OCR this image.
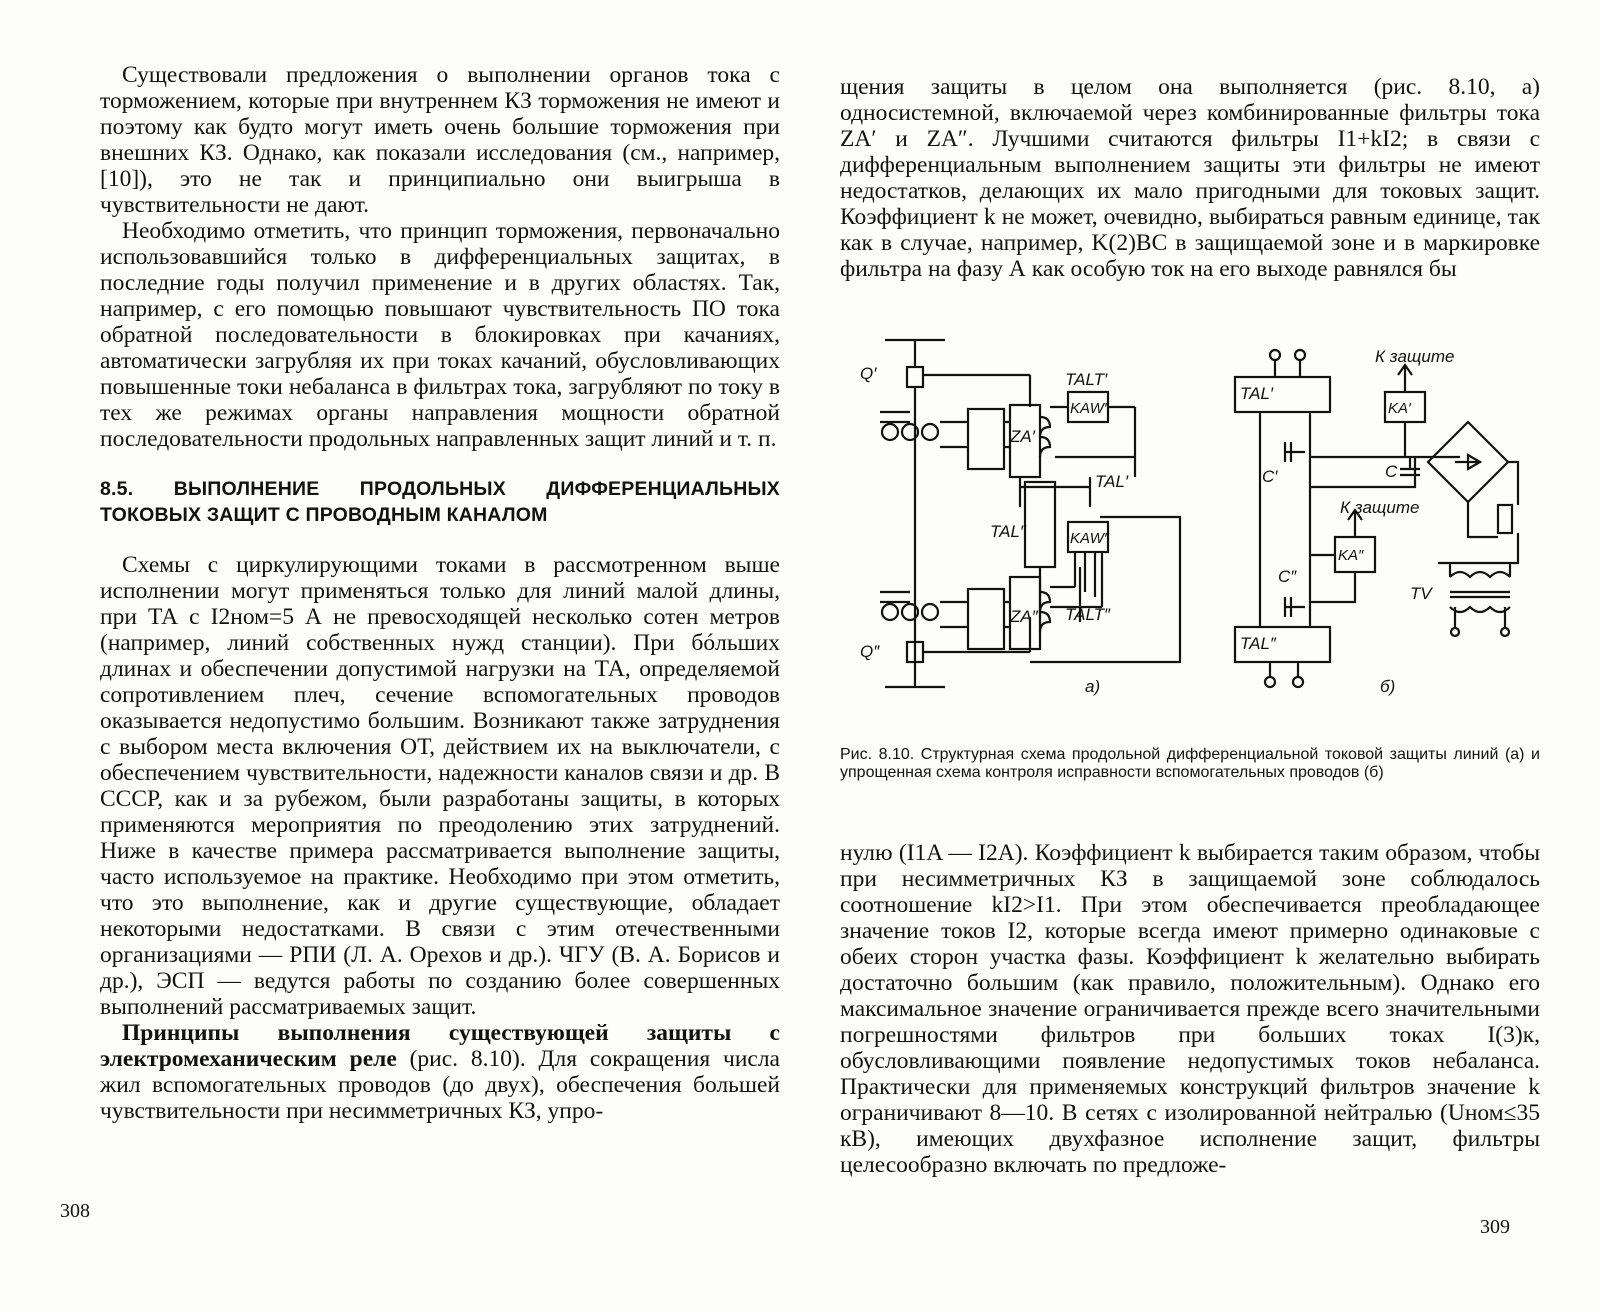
Существовали предложения о выполнении органов тока с торможением, которые при внутреннем КЗ торможения не имеют и поэтому как будто могут иметь очень большие торможения при внешних КЗ. Однако, как показали исследования (см., например, [10]), это не так и принципиально они выигрыша в чувствительности не дают.

Необходимо отметить, что принцип торможения, первоначально использовавшийся только в дифференциальных защитах, в последние годы получил применение и в других областях. Так, например, с его помощью повышают чувствительность ПО тока обратной последовательности в блокировках при качаниях, автоматически загрубляя их при токах качаний, обусловливающих повышенные токи небаланса в фильтрах тока, загрубляют по току в тех же режимах органы направления мощности обратной последовательности продольных направленных защит линий и т. п.

8.5. ВЫПОЛНЕНИЕ ПРОДОЛЬНЫХ ДИФФЕРЕНЦИАЛЬНЫХ ТОКОВЫХ ЗАЩИТ С ПРОВОДНЫМ КАНАЛОМ

Схемы с циркулирующими токами в рассмотренном выше исполнении могут применяться только для линий малой длины, при ТА с I2ном=5 А не превосходящей несколько сотен метров (например, линий собственных нужд станции). При бóльших длинах и обеспечении допустимой нагрузки на ТА, определяемой сопротивлением плеч, сечение вспомогательных проводов оказывается недопустимо большим. Возникают также затруднения с выбором места включения ОТ, действием их на выключатели, с обеспечением чувствительности, надежности каналов связи и др. В СССР, как и за рубежом, были разработаны защиты, в которых применяются мероприятия по преодолению этих затруднений. Ниже в качестве примера рассматривается выполнение защиты, часто используемое на практике. Необходимо при этом отметить, что это выполнение, как и другие существующие, обладает некоторыми недостатками. В связи с этим отечественными организациями — РПИ (Л. А. Орехов и др.). ЧГУ (В. А. Борисов и др.), ЭСП — ведутся работы по созданию более совершенных выполнений рассматриваемых защит.

Принципы выполнения существующей защиты с электромеханическим реле (рис. 8.10). Для сокращения числа жил вспомогательных проводов (до двух), обеспечения большей чувствительности при несимметричных КЗ, упро-

308

щения защиты в целом она выполняется (рис. 8.10, а) односистемной, включаемой через комбинированные фильтры тока ZA′ и ZA″. Лучшими считаются фильтры I1+kI2; в связи с дифференциальным выполнением защиты эти фильтры не имеют недостатков, делающих их мало пригодными для токовых защит. Коэффициент k не может, очевидно, выбираться равным единице, так как в случае, например, K(2)BC в защищаемой зоне и в маркировке фильтра на фазу А как особую ток на его выходе равнялся бы

Q′
Q″
ZA′
ZA″
TALT′
TALT″
KAW′
KAW″
TAL′
TAL″
а)
TAL′
TAL″
KA′
KA″
C′
C″
C
TV
К защите
К защите
б)
Рис. 8.10. Структурная схема продольной дифференциальной токовой защиты линий (а) и упрощенная схема контроля исправности вспомогательных проводов (б)

нулю (I1A — I2A). Коэффициент k выбирается таким образом, чтобы при несимметричных КЗ в защищаемой зоне соблюдалось соотношение kI2>I1. При этом обеспечивается преобладающее значение токов I2, которые всегда имеют примерно одинаковые с обеих сторон участка фазы. Коэффициент k желательно выбирать достаточно большим (как правило, положительным). Однако его максимальное значение ограничивается прежде всего значительными погрешностями фильтров при больших токах I(3)к, обусловливающими появление недопустимых токов небаланса. Практически для применяемых конструкций фильтров значение k ограничивают 8—10. В сетях с изолированной нейтралью (Uном≤35 кВ), имеющих двухфазное исполнение защит, фильтры целесообразно включать по предложе-

309
